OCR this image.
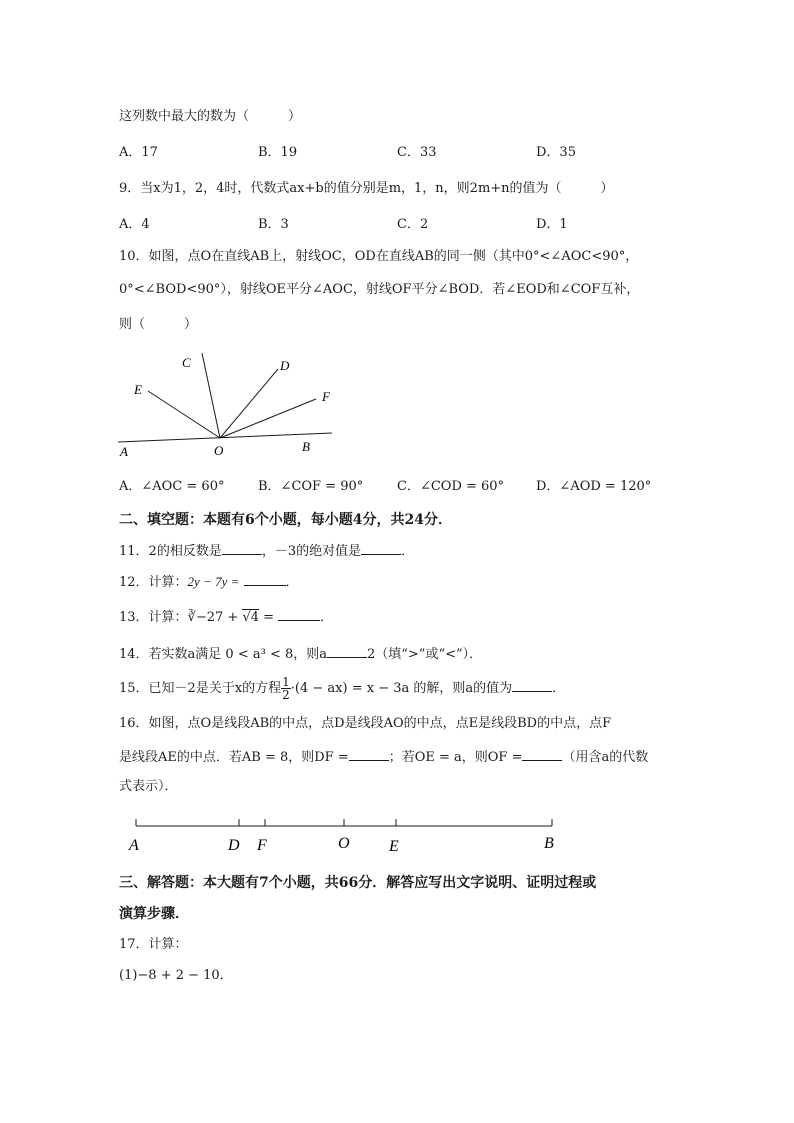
这列数中最大的数为（　　　）
A．17	B．19	C．33	D．35
9．当x为1，2，4时，代数式ax+b的值分别是m，1，n，则2m+n的值为（　　　）
A．4	B．3	C．2	D．1
10．如图，点O在直线AB上，射线OC，OD在直线AB的同一侧（其中0°<∠AOC<90°，
0°<∠BOD<90°），射线OE平分∠AOC，射线OF平分∠BOD．若∠EOD和∠COF互补，
则（　　　）
C	D
E	F
A	O	B
A．∠AOC = 60°	B．∠COF = 90°	C．∠COD = 60° D．∠AOD = 120°
二、填空题：本题有6个小题，每小题4分，共24分．
11．2的相反数是	，－3的绝对值是	．
12．计算：2y − 7y =	．
13．计算：∛−27 + √4 =	．
14．若实数a满足 0 < a³ < 8，则a	2（填“>”或“<”）．
15．已知－2是关于x的方程 $\frac{1}{2} \cdot(4 - ax) = x - 3a$ 的解，则a的值为	．
16．如图，点O是线段AB的中点，点D是线段AO的中点，点E是线段BD的中点，点F
是线段AE的中点．若AB = 8，则DF =	；若OE = a，则OF =	（用含a的代数
式表示）．
A	D F	O E	B
三、解答题：本大题有7个小题，共66分．解答应写出文字说明、证明过程或
演算步骤．
17．计算：
(1)−8 + 2 − 10．
